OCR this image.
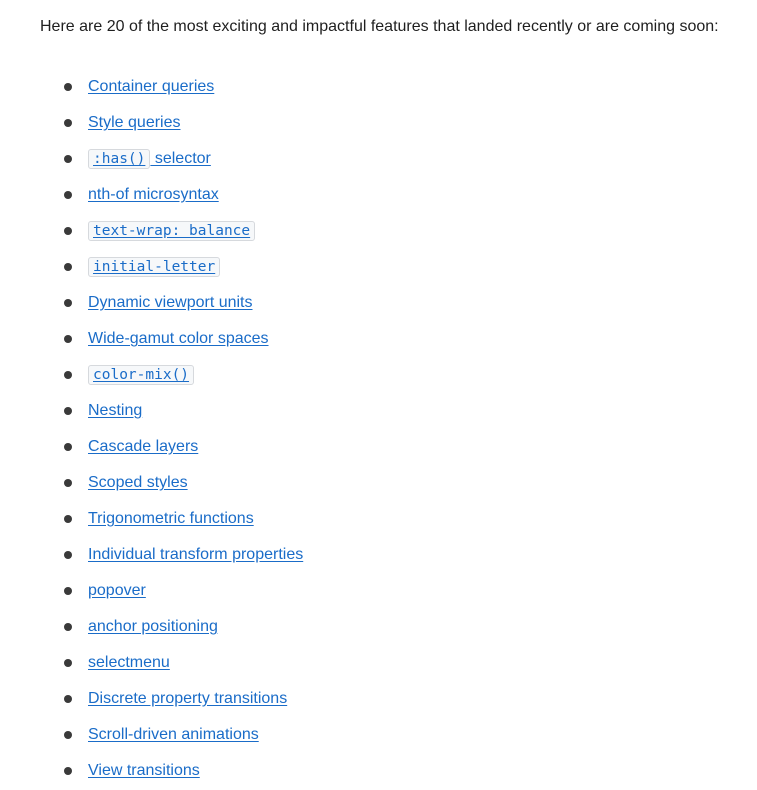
Here are 20 of the most exciting and impactful features that landed recently or are coming soon:

Container queries
Style queries
:has() selector
nth-of microsyntax
text-wrap: balance
initial-letter
Dynamic viewport units
Wide-gamut color spaces
color-mix()
Nesting
Cascade layers
Scoped styles
Trigonometric functions
Individual transform properties
popover
anchor positioning
selectmenu
Discrete property transitions
Scroll-driven animations
View transitions
